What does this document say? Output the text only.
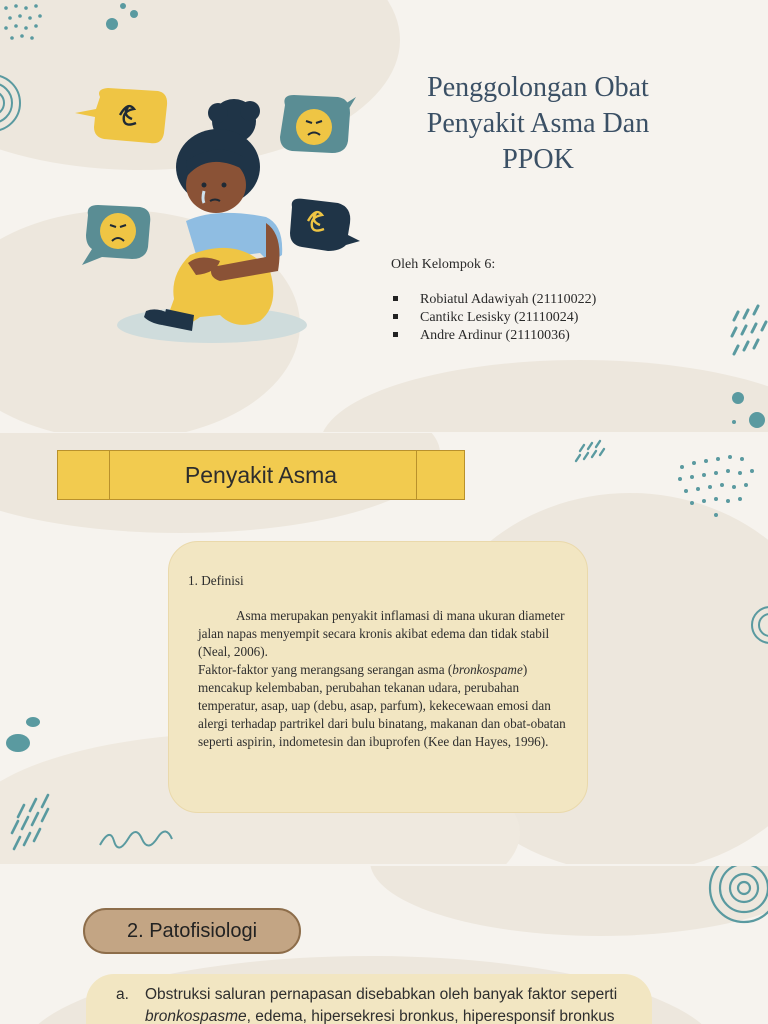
Penggolongan Obat
Penyakit Asma Dan
PPOK
Oleh Kelompok 6:
Robiatul Adawiyah (21110022)
Cantikc Lesisky (21110024)
Andre Ardinur (21110036)
Penyakit Asma
1. Definisi

Asma merupakan penyakit inflamasi di mana ukuran diameter jalan napas menyempit secara kronis akibat edema dan tidak stabil (Neal, 2006).

Faktor-faktor yang merangsang serangan asma (bronkospame) mencakup kelembaban, perubahan tekanan udara, perubahan temperatur, asap, uap (debu, asap, parfum), kekecewaan emosi dan alergi terhadap partrikel dari bulu binatang, makanan dan obat-obatan seperti aspirin, indometesin dan ibuprofen (Kee dan Hayes, 1996).

2. Patofisiologi
a. Obstruksi saluran pernapasan disebabkan oleh banyak faktor seperti bronkospasme, edema, hipersekresi bronkus, hiperesponsif bronkus
